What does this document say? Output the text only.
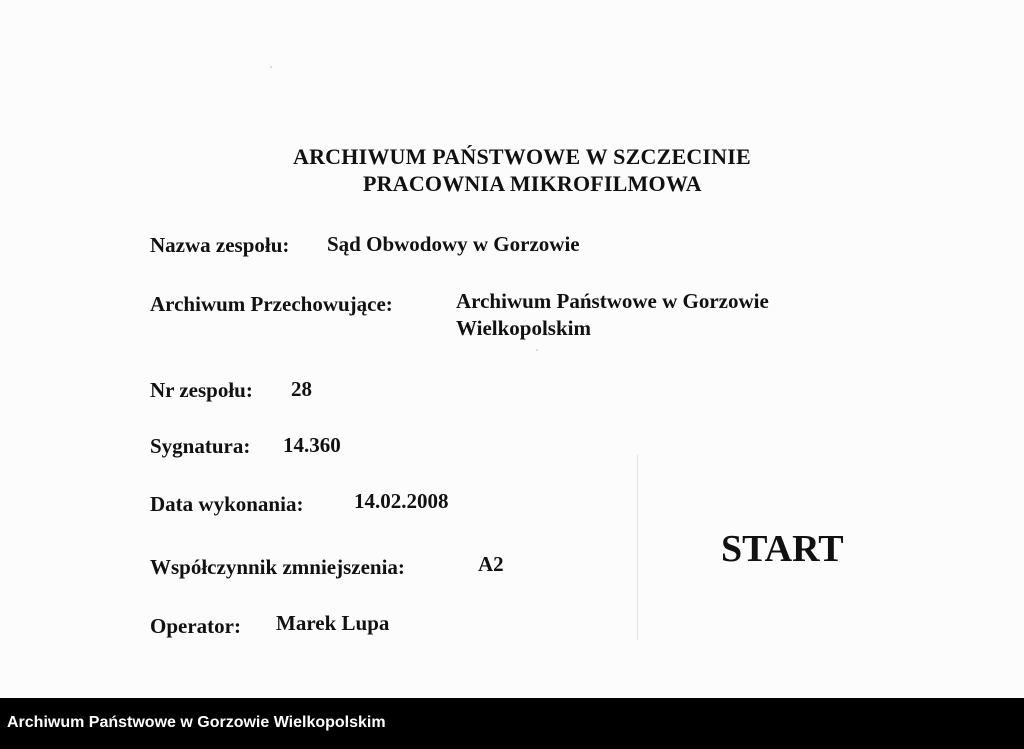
ARCHIWUM PAŃSTWOWE W SZCZECINIE
PRACOWNIA MIKROFILMOWA
Nazwa zespołu: Sąd Obwodowy w Gorzowie
Archiwum Przechowujące:	Archiwum Państwowe w Gorzowie
Wielkopolskim
Nr zespołu: 28
Sygnatura: 14.360
Data wykonania: 14.02.2008
Współczynnik zmniejszenia:	A2
Operator: Marek Lupa
START
Archiwum Państwowe w Gorzowie Wielkopolskim
